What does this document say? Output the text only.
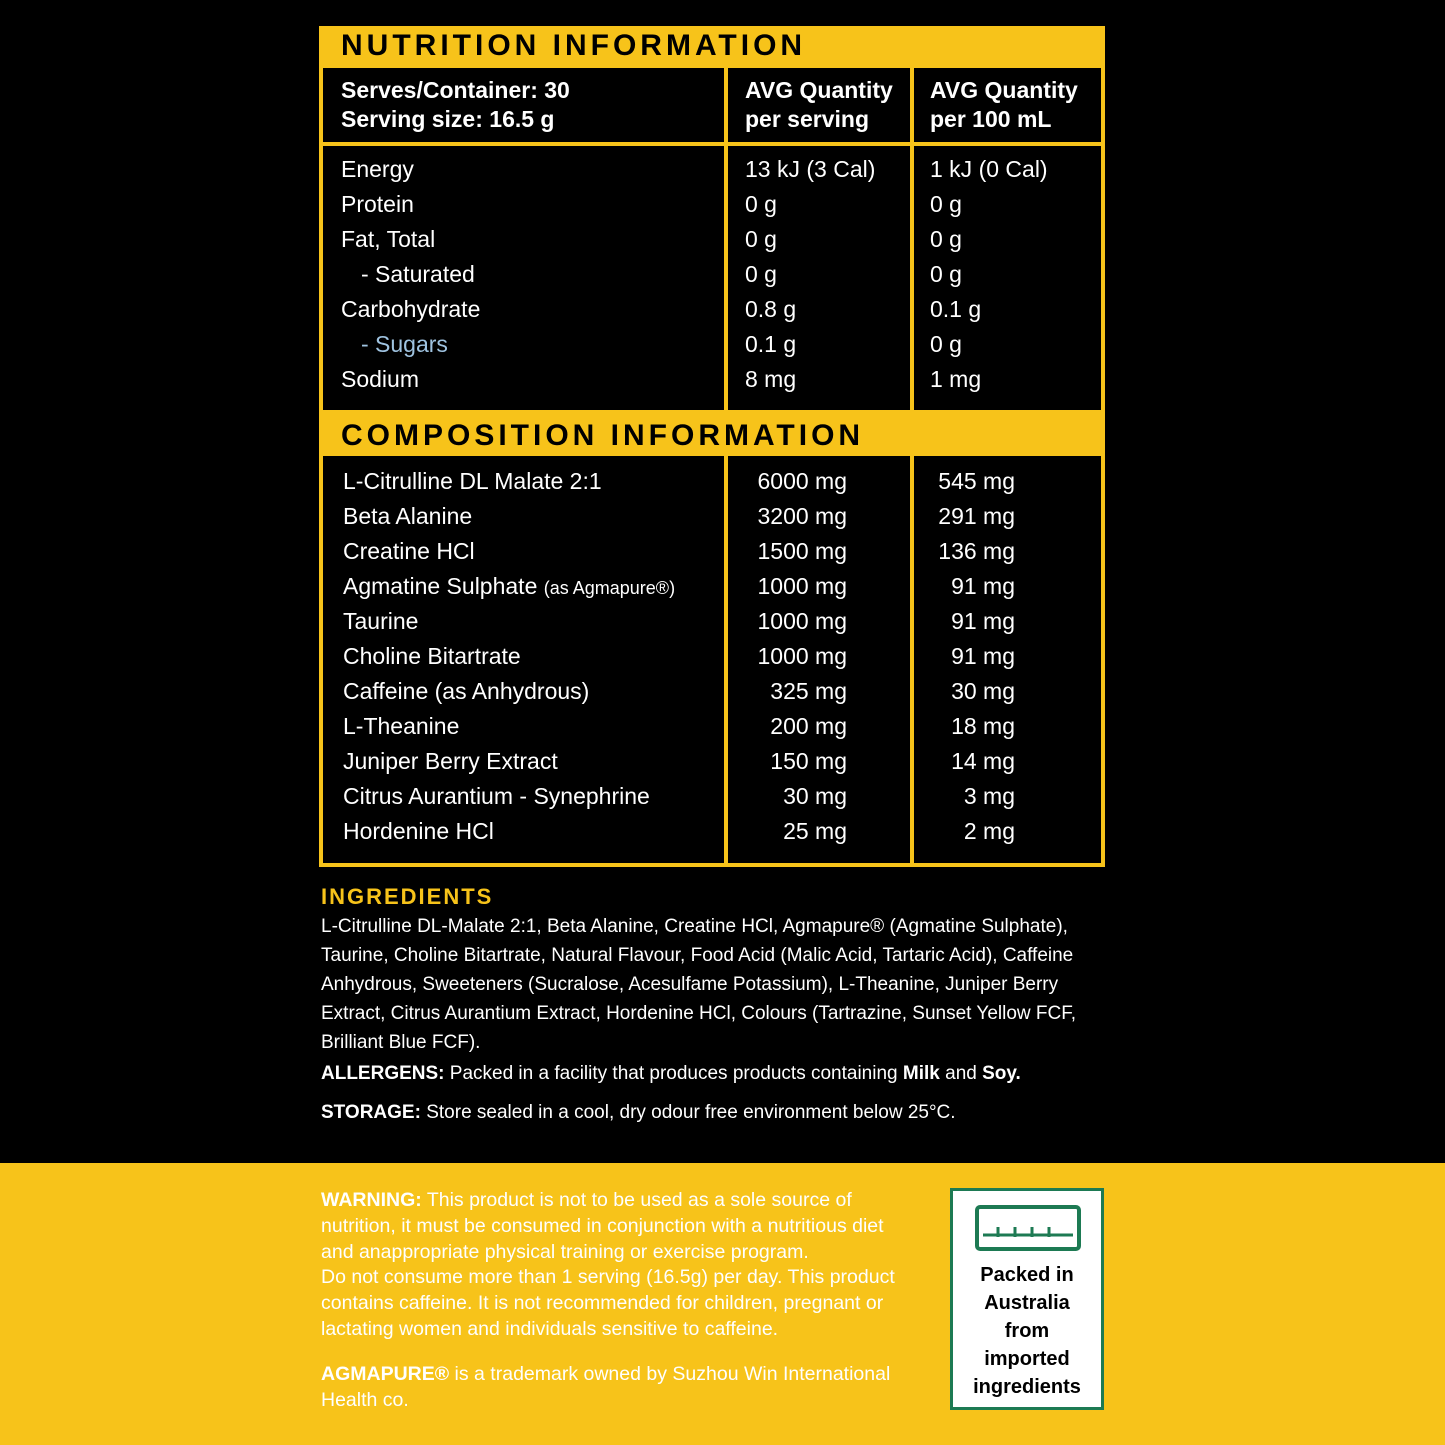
NUTRITION INFORMATION
Serves/Container: 30
Serving size: 16.5 g
AVG Quantity
per serving
AVG Quantity
per 100 mL
Energy	13 kJ (3 Cal) 1 kJ (0 Cal)
Protein	0 g	0 g
Fat, Total	0 g	0 g
- Saturated	0 g	0 g
Carbohydrate	0.8 g	0.1 g
- Sugars	0.1 g	0 g
Sodium	8 mg	1 mg
COMPOSITION INFORMATION
L-Citrulline DL Malate 2:1	6000 mg	545 mg
Beta Alanine	3200 mg	291 mg
Creatine HCl	1500 mg	136 mg
Agmatine Sulphate (as Agmapure®)	1000 mg	91 mg
Taurine	1000 mg	91 mg
Choline Bitartrate	1000 mg	91 mg
Caffeine (as Anhydrous)	325 mg	30 mg
L-Theanine	200 mg	18 mg
Juniper Berry Extract	150 mg	14 mg
Citrus Aurantium - Synephrine	30 mg	3 mg
Hordenine HCl	25 mg	2 mg
INGREDIENTS
L-Citrulline DL-Malate 2:1, Beta Alanine, Creatine HCl, Agmapure® (Agmatine Sulphate), Taurine, Choline Bitartrate, Natural Flavour, Food Acid (Malic Acid, Tartaric Acid), Caffeine Anhydrous, Sweeteners (Sucralose, Acesulfame Potassium), L-Theanine, Juniper Berry Extract, Citrus Aurantium Extract, Hordenine HCl, Colours (Tartrazine, Sunset Yellow FCF, Brilliant Blue FCF).
ALLERGENS: Packed in a facility that produces products containing Milk and Soy.
STORAGE: Store sealed in a cool, dry odour free environment below 25°C.
WARNING: This product is not to be used as a sole source of nutrition, it must be consumed in conjunction with a nutritious diet and anappropriate physical training or exercise program.
Do not consume more than 1 serving (16.5g) per day. This product contains caffeine. It is not recommended for children, pregnant or lactating women and individuals sensitive to caffeine.
AGMAPURE® is a trademark owned by Suzhou Win International Health co.
Packed in
Australia
from
imported
ingredients
